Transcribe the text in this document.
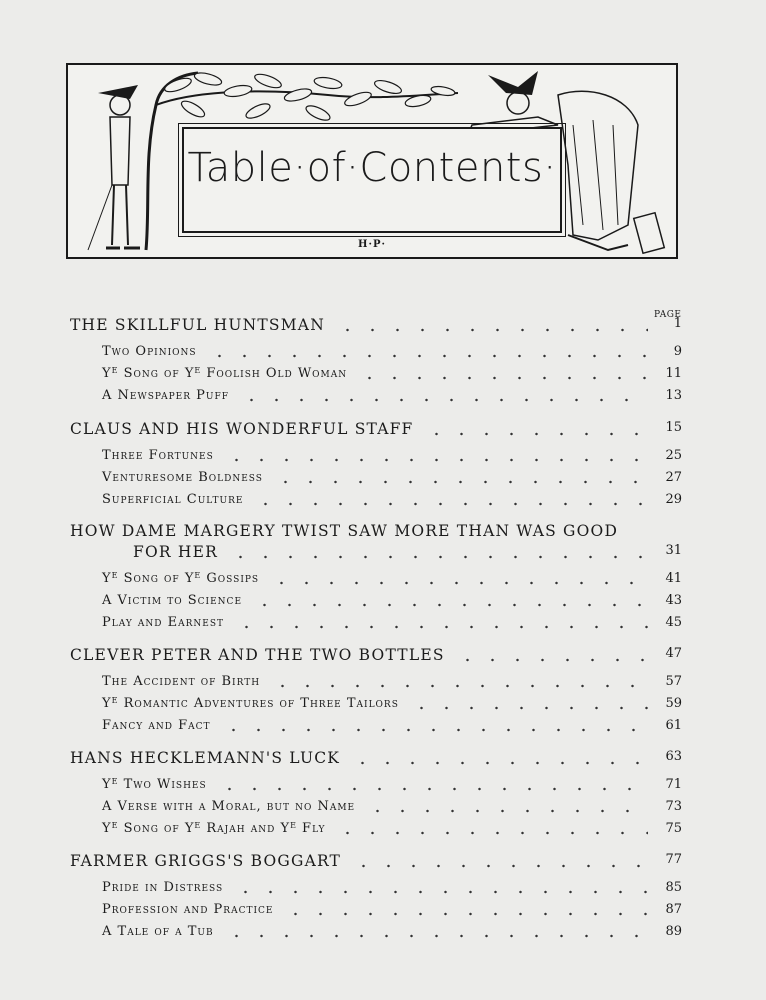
Table·of·Contents·
H·P·
PAGE
THE SKILLFUL HUNTSMAN	1
Two Opinions	9
$Y^E$ Song of $Y^E$ Foolish Old Woman	11
A Newspaper Puff	13
CLAUS AND HIS WONDERFUL STAFF	15
Three Fortunes	25
Venturesome Boldness	27
Superficial Culture	29
HOW DAME MARGERY TWIST SAW MORE THAN WAS GOOD
FOR HER	31
$Y^E$ Song of $Y^E$ Gossips	41
A Victim to Science	43
Play and Earnest	45
CLEVER PETER AND THE TWO BOTTLES	47
The Accident of Birth	57
$Y^E$ Romantic Adventures of Three Tailors	59
Fancy and Fact	61
HANS HECKLEMANN'S LUCK	63
$Y^E$ Two Wishes	71
A Verse with a Moral, but no Name	73
$Y^E$ Song of $Y^E$ Rajah and $Y^E$ Fly	75
FARMER GRIGGS'S BOGGART	77
Pride in Distress	85
Profession and Practice	87
A Tale of a Tub	89
